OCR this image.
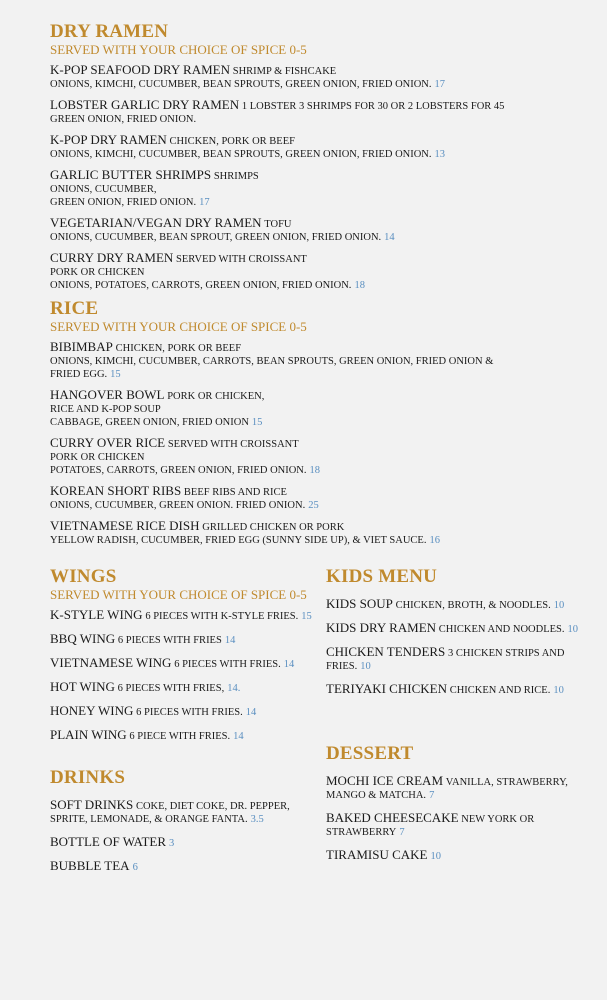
DRY RAMEN

SERVED WITH YOUR CHOICE OF SPICE 0-5

K-POP SEAFOOD DRY RAMEN SHRIMP & FISHCAKE
ONIONS, KIMCHI, CUCUMBER, BEAN SPROUTS, GREEN ONION, FRIED ONION. 17
LOBSTER GARLIC DRY RAMEN 1 LOBSTER 3 SHRIMPS FOR 30 OR 2 LOBSTERS FOR 45
GREEN ONION, FRIED ONION.
K-POP DRY RAMEN CHICKEN, PORK OR BEEF
ONIONS, KIMCHI, CUCUMBER, BEAN SPROUTS, GREEN ONION, FRIED ONION. 13
GARLIC BUTTER SHRIMPS SHRIMPS
ONIONS, CUCUMBER,
GREEN ONION, FRIED ONION. 17
VEGETARIAN/VEGAN DRY RAMEN TOFU
ONIONS, CUCUMBER, BEAN SPROUT, GREEN ONION, FRIED ONION. 14
CURRY DRY RAMEN SERVED WITH CROISSANT
PORK OR CHICKEN
ONIONS, POTATOES, CARROTS, GREEN ONION, FRIED ONION. 18
RICE

SERVED WITH YOUR CHOICE OF SPICE 0-5

BIBIMBAP CHICKEN, PORK OR BEEF
ONIONS, KIMCHI, CUCUMBER, CARROTS, BEAN SPROUTS, GREEN ONION, FRIED ONION &
FRIED EGG. 15
HANGOVER BOWL PORK OR CHICKEN,
RICE AND K-POP SOUP
CABBAGE, GREEN ONION, FRIED ONION 15
CURRY OVER RICE SERVED WITH CROISSANT
PORK OR CHICKEN
POTATOES, CARROTS, GREEN ONION, FRIED ONION. 18
KOREAN SHORT RIBS BEEF RIBS AND RICE
ONIONS, CUCUMBER, GREEN ONION. FRIED ONION. 25
VIETNAMESE RICE DISH GRILLED CHICKEN OR PORK
YELLOW RADISH, CUCUMBER, FRIED EGG (SUNNY SIDE UP), & VIET SAUCE. 16
WINGS

SERVED WITH YOUR CHOICE OF SPICE 0-5

K-STYLE WING 6 PIECES WITH K-STYLE FRIES. 15
BBQ WING 6 PIECES WITH FRIES 14
VIETNAMESE WING 6 PIECES WITH FRIES. 14
HOT WING 6 PIECES WITH FRIES, 14.
HONEY WING 6 PIECES WITH FRIES. 14
PLAIN WING 6 PIECE WITH FRIES. 14
DRINKS
SOFT DRINKS COKE, DIET COKE, DR. PEPPER,
SPRITE, LEMONADE, & ORANGE FANTA. 3.5
BOTTLE OF WATER 3
BUBBLE TEA 6
KIDS MENU
KIDS SOUP CHICKEN, BROTH, & NOODLES. 10
KIDS DRY RAMEN CHICKEN AND NOODLES. 10
CHICKEN TENDERS 3 CHICKEN STRIPS AND
FRIES. 10
TERIYAKI CHICKEN CHICKEN AND RICE. 10
DESSERT
MOCHI ICE CREAM VANILLA, STRAWBERRY,
MANGO & MATCHA. 7
BAKED CHEESECAKE NEW YORK OR
STRAWBERRY 7
TIRAMISU CAKE 10
